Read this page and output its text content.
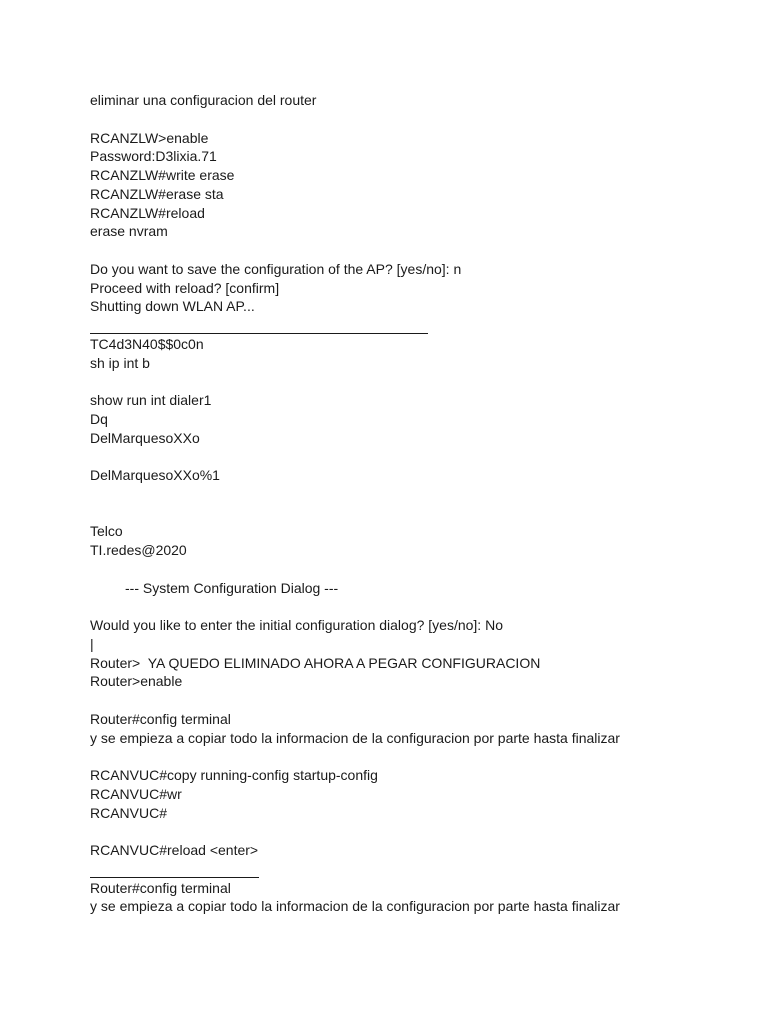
eliminar una configuracion del router
RCANZLW>enable
Password:D3lixia.71
RCANZLW#write erase
RCANZLW#erase sta
RCANZLW#reload
erase nvram
Do you want to save the configuration of the AP? [yes/no]: n
Proceed with reload? [confirm]
Shutting down WLAN AP...
TC4d3N40$$0c0n
sh ip int b
show run int dialer1
Dq
DelMarquesoXXo
DelMarquesoXXo%1
Telco
TI.redes@2020
--- System Configuration Dialog ---
Would you like to enter the initial configuration dialog? [yes/no]: No
|
Router>  YA QUEDO ELIMINADO AHORA A PEGAR CONFIGURACION
Router>enable
Router#config terminal
y se empieza a copiar todo la informacion de la configuracion por parte hasta finalizar
RCANVUC#copy running-config startup-config
RCANVUC#wr
RCANVUC#
RCANVUC#reload <enter>
Router#config terminal
y se empieza a copiar todo la informacion de la configuracion por parte hasta finalizar
